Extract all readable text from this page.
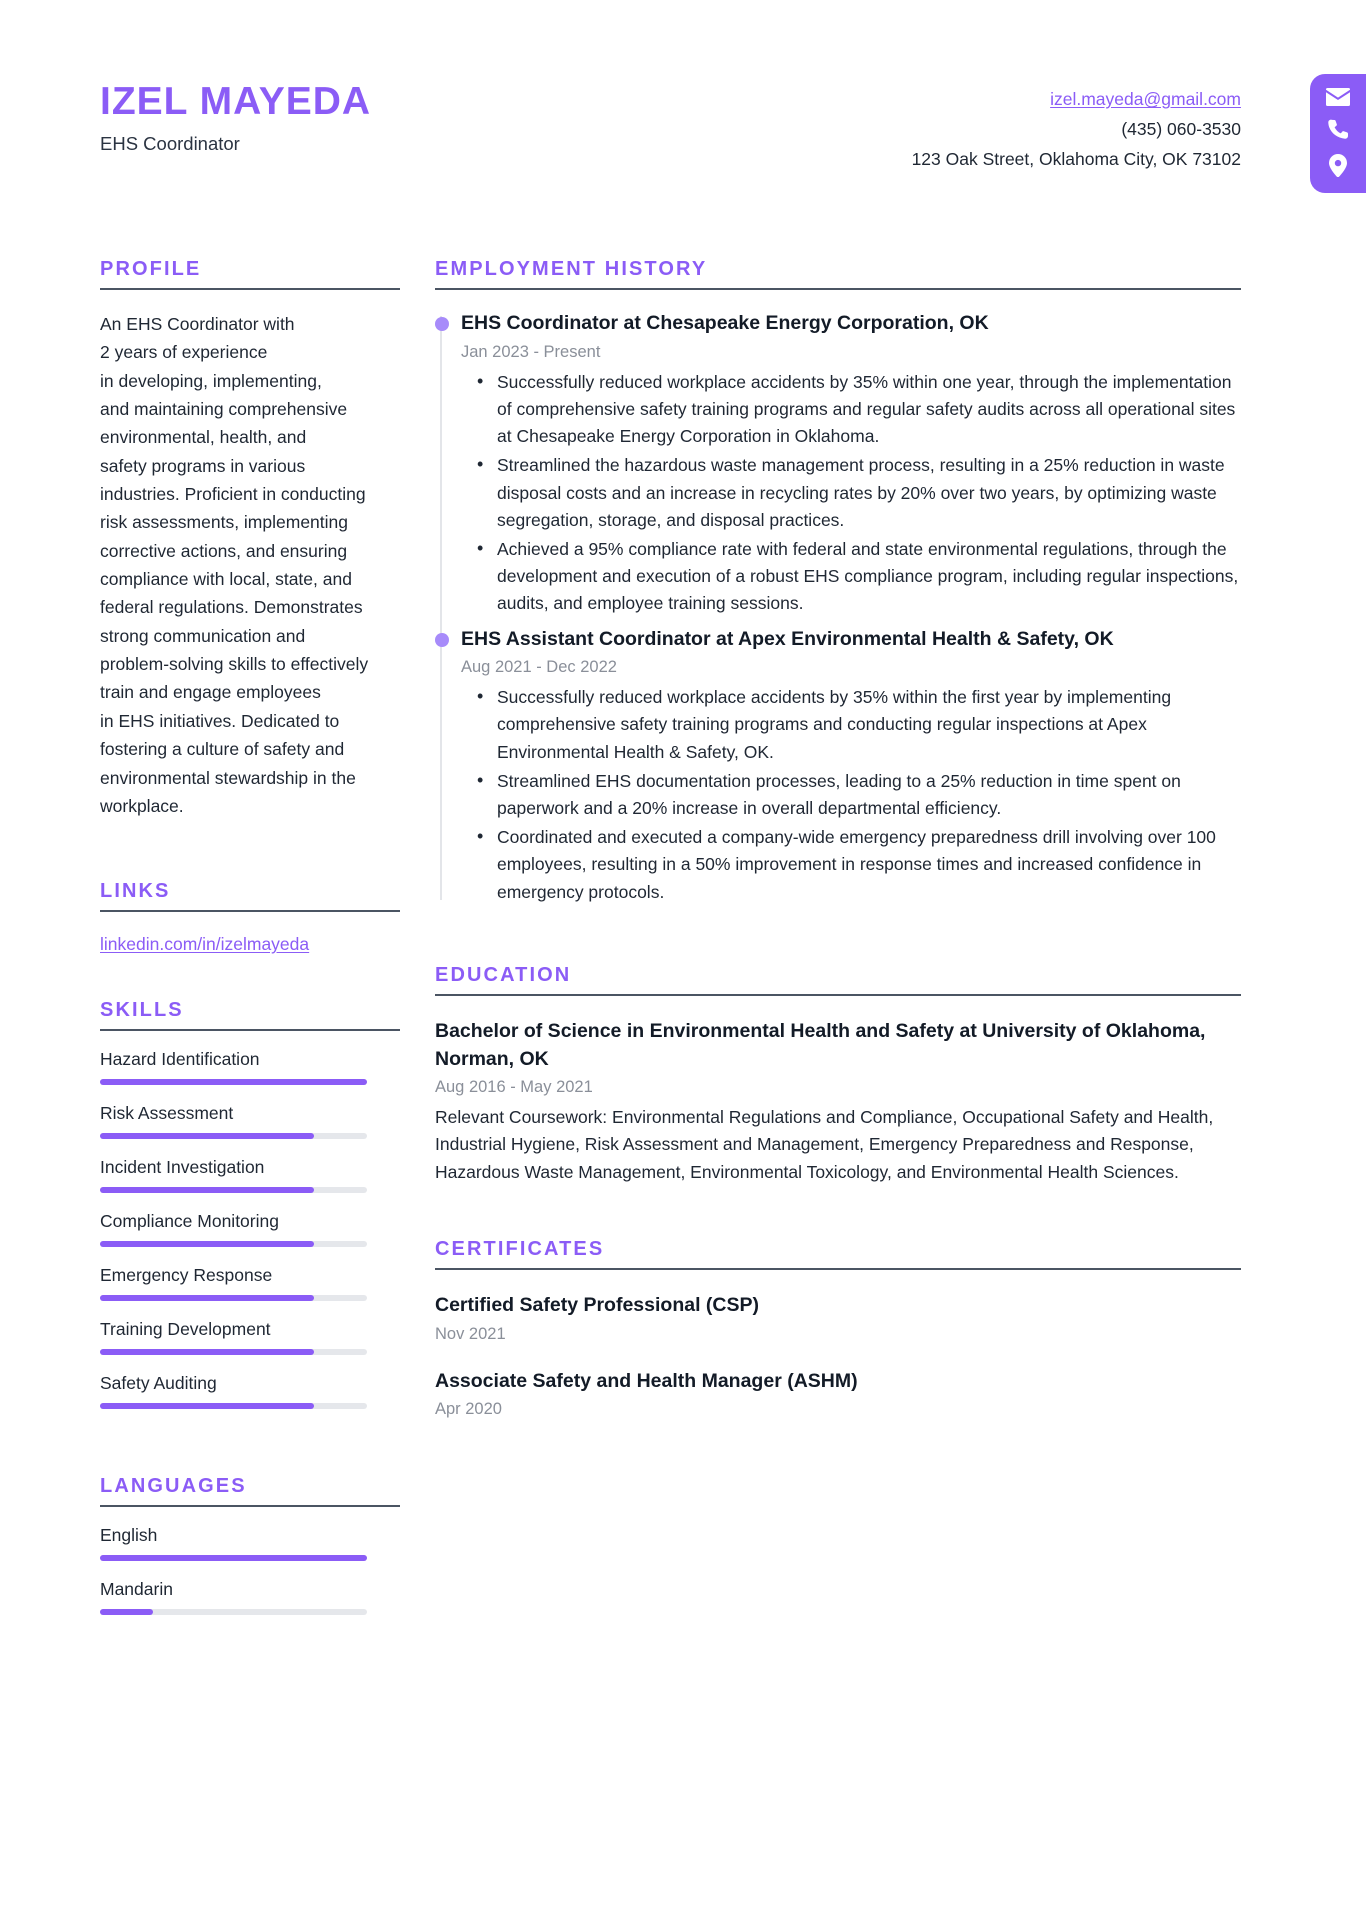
IZEL MAYEDA
EHS Coordinator
izel.mayeda@gmail.com
(435) 060-3530
123 Oak Street, Oklahoma City, OK 73102
PROFILE
An EHS Coordinator with
2 years of experience
in developing, implementing,
and maintaining comprehensive
environmental, health, and
safety programs in various
industries. Proficient in conducting
risk assessments, implementing
corrective actions, and ensuring
compliance with local, state, and
federal regulations. Demonstrates
strong communication and
problem-solving skills to effectively
train and engage employees
in EHS initiatives. Dedicated to
fostering a culture of safety and
environmental stewardship in the
workplace.
LINKS
linkedin.com/in/izelmayeda
SKILLS
Hazard Identification
Risk Assessment
Incident Investigation
Compliance Monitoring
Emergency Response
Training Development
Safety Auditing
LANGUAGES
English
Mandarin
EMPLOYMENT HISTORY
EHS Coordinator at Chesapeake Energy Corporation, OK
Jan 2023 - Present
• Successfully reduced workplace accidents by 35% within one year, through the implementation of comprehensive safety training programs and regular safety audits across all operational sites at Chesapeake Energy Corporation in Oklahoma.
• Streamlined the hazardous waste management process, resulting in a 25% reduction in waste disposal costs and an increase in recycling rates by 20% over two years, by optimizing waste segregation, storage, and disposal practices.
• Achieved a 95% compliance rate with federal and state environmental regulations, through the development and execution of a robust EHS compliance program, including regular inspections, audits, and employee training sessions.
EHS Assistant Coordinator at Apex Environmental Health & Safety, OK
Aug 2021 - Dec 2022
• Successfully reduced workplace accidents by 35% within the first year by implementing comprehensive safety training programs and conducting regular inspections at Apex Environmental Health & Safety, OK.
• Streamlined EHS documentation processes, leading to a 25% reduction in time spent on paperwork and a 20% increase in overall departmental efficiency.
• Coordinated and executed a company-wide emergency preparedness drill involving over 100 employees, resulting in a 50% improvement in response times and increased confidence in emergency protocols.
EDUCATION
Bachelor of Science in Environmental Health and Safety at University of Oklahoma, Norman, OK
Aug 2016 - May 2021
Relevant Coursework: Environmental Regulations and Compliance, Occupational Safety and Health, Industrial Hygiene, Risk Assessment and Management, Emergency Preparedness and Response, Hazardous Waste Management, Environmental Toxicology, and Environmental Health Sciences.
CERTIFICATES
Certified Safety Professional (CSP)
Nov 2021
Associate Safety and Health Manager (ASHM)
Apr 2020
